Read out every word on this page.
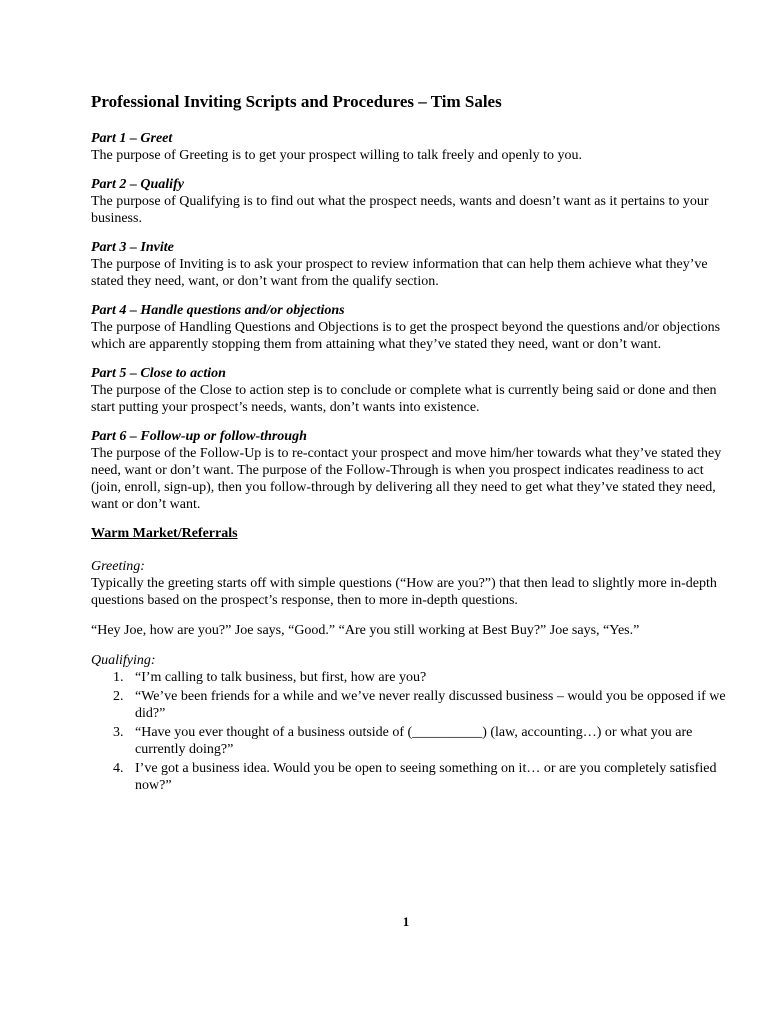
Professional Inviting Scripts and Procedures – Tim Sales
Part 1 – Greet
The purpose of Greeting is to get your prospect willing to talk freely and openly to you.
Part 2 – Qualify
The purpose of Qualifying is to find out what the prospect needs, wants and doesn’t want as it pertains to your business.
Part 3 – Invite
The purpose of Inviting is to ask your prospect to review information that can help them achieve what they’ve stated they need, want, or don’t want from the qualify section.
Part 4 – Handle questions and/or objections
The purpose of Handling Questions and Objections is to get the prospect beyond the questions and/or objections which are apparently stopping them from attaining what they’ve stated they need, want or don’t want.
Part 5 – Close to action
The purpose of the Close to action step is to conclude or complete what is currently being said or done and then start putting your prospect’s needs, wants, don’t wants into existence.
Part 6 – Follow-up or follow-through
The purpose of the Follow-Up is to re-contact your prospect and move him/her towards what they’ve stated they need, want or don’t want. The purpose of the Follow-Through is when you prospect indicates readiness to act (join, enroll, sign-up), then you follow-through by delivering all they need to get what they’ve stated they need, want or don’t want.
Warm Market/Referrals
Greeting:
Typically the greeting starts off with simple questions (“How are you?”) that then lead to slightly more in-depth questions based on the prospect’s response, then to more in-depth questions.
“Hey Joe, how are you?” Joe says, “Good.” “Are you still working at Best Buy?” Joe says, “Yes.”
Qualifying:
1. “I’m calling to talk business, but first, how are you?
2. “We’ve been friends for a while and we’ve never really discussed business – would you be opposed if we did?”
3. “Have you ever thought of a business outside of (__________) (law, accounting…) or what you are currently doing?”
4. I’ve got a business idea. Would you be open to seeing something on it… or are you completely satisfied now?”
1
